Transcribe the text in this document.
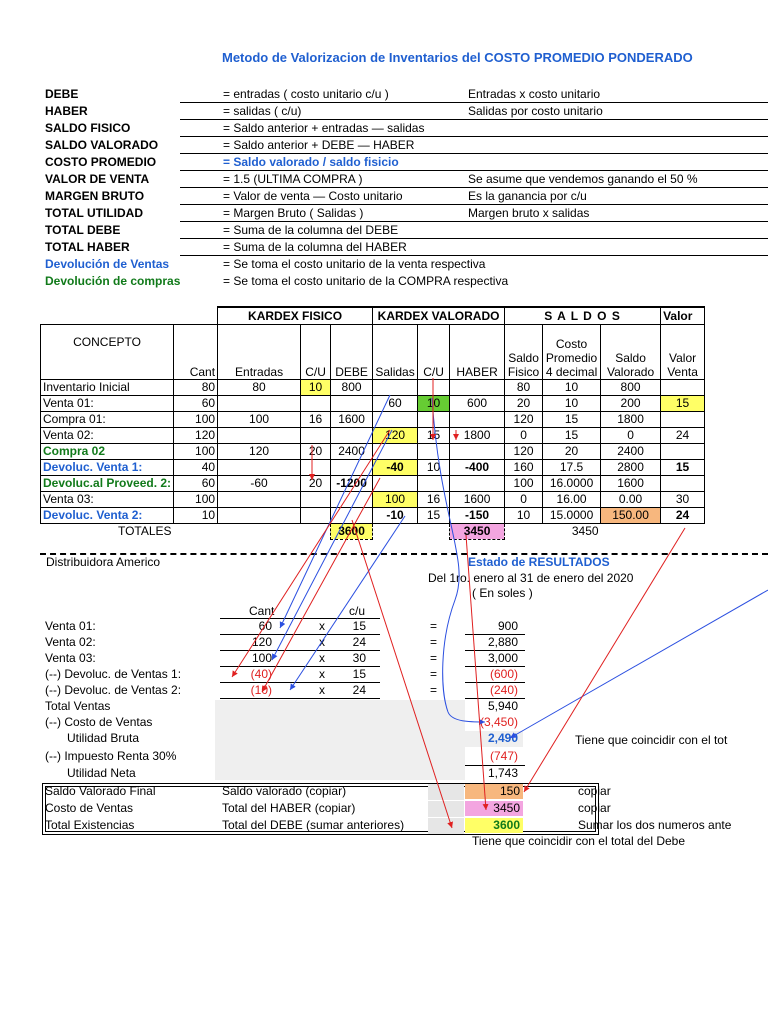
Metodo de Valorizacion de Inventarios del COSTO PROMEDIO PONDERADO
DEBE	= entradas ( costo unitario c/u )	Entradas x costo unitario
HABER	= salidas ( c/u)	Salidas por costo unitario
SALDO FISICO	= Saldo anterior + entradas — salidas
SALDO VALORADO	= Saldo anterior + DEBE — HABER
COSTO PROMEDIO	= Saldo valorado / saldo fisicio
VALOR DE VENTA	= 1.5 (ULTIMA COMPRA )	Se asume que vendemos ganando el 50 %
MARGEN BRUTO	= Valor de venta — Costo unitario	Es la ganancia por c/u
TOTAL UTILIDAD	= Margen Bruto ( Salidas )	Margen bruto x salidas
TOTAL DEBE	= Suma de la columna del DEBE
TOTAL HABER	= Suma de la columna del HABER
Devolución de Ventas	= Se toma el costo unitario de la venta respectiva
Devolución de compras	= Se toma el costo unitario de la COMPRA respectiva
		KARDEX FISICO			KARDEX VALORADO			S A L D O S			Valor
CONCEPTO	Cant	Entradas	C/U	DEBE	Salidas	C/U	HABER	Saldo
Fisico	Costo
Promedio
4 decimal	Saldo
Valorado	Valor
Venta
Inventario Inicial	80	80	10	800				80	10	800	
Venta 01:	60				60	10	600	20	10	200	15
Compra 01:	100	100	16	1600				120	15	1800	
Venta 02:	120				120	15	1800	0	15	0	24
Compra 02	100	120	20	2400				120	20	2400	
Devoluc. Venta 1:	40				-40	10	-400	160	17.5	2800	15
Devoluc.al Proveed. 2:	60	-60	20	-1200				100	16.0000	1600	
Venta 03:	100				100	16	1600	0	16.00	0.00	30
Devoluc. Venta 2:	10				-10	15	-150	10	15.0000	150.00	24
TOTALES				3600			3450		3450		
Distribuidora Americo	Estado de RESULTADOS
Del 1ro. enero al 31 de enero del 2020
( En soles )
Cant	c/u
Venta 01:	60	x	15	=	900
Venta 02:	120	x	24	=	2,880
Venta 03:	100	x	30	=	3,000
(--) Devoluc. de Ventas 1:	(40)	x	15	=	(600)
(--) Devoluc. de Ventas 2:	(10)	x	24	=	(240)
Total Ventas	5,940
(--) Costo de Ventas	(3,450)
Utilidad Bruta	2,490	Tiene que coincidir con el tot
(--) Impuesto Renta 30%	(747)
Utilidad Neta	1,743
Saldo Valorado Final	Saldo valorado (copiar)	150	copiar
Costo de Ventas	Total del HABER (copiar)	3450	copiar
Total Existencias	Total del DEBE (sumar anteriores)	3600	Sumar los dos numeros ante
Tiene que coincidir con el total del Debe
